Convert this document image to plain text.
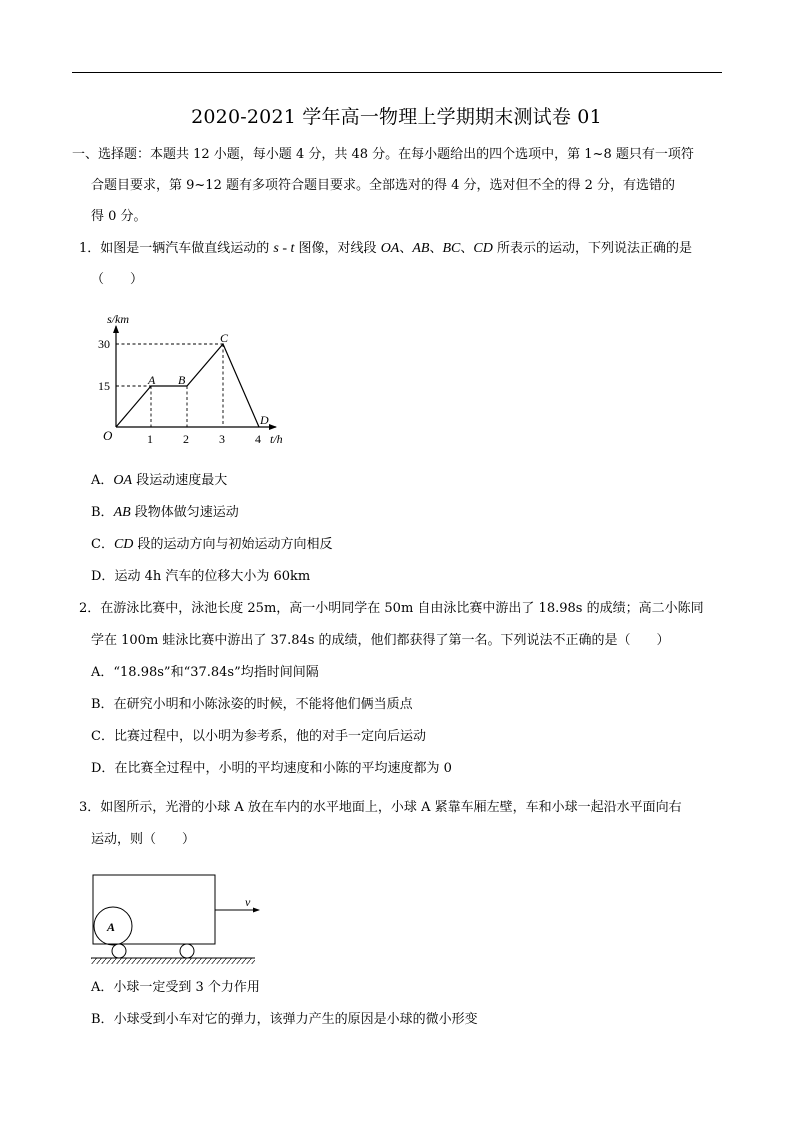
2020-2021 学年高一物理上学期期末测试卷 01
一、选择题：本题共 12 小题，每小题 4 分，共 48 分。在每小题给出的四个选项中，第 1~8 题只有一项符
合题目要求，第 9~12 题有多项符合题目要求。全部选对的得 4 分，选对但不全的得 2 分，有选错的
得 0 分。
1．如图是一辆汽车做直线运动的 s - t 图像，对线段 OA、AB、BC、CD 所表示的运动，下列说法正确的是
（　　）
s/km
30
15
O	1	2	3	4 t/h
A B
C
D
A．OA 段运动速度最大
B．AB 段物体做匀速运动
C．CD 段的运动方向与初始运动方向相反
D．运动 4h 汽车的位移大小为 60km
2．在游泳比赛中，泳池长度 25m，高一小明同学在 50m 自由泳比赛中游出了 18.98s 的成绩；高二小陈同
学在 100m 蛙泳比赛中游出了 37.84s 的成绩，他们都获得了第一名。下列说法不正确的是（　　）
A．“18.98s”和“37.84s”均指时间间隔
B．在研究小明和小陈泳姿的时候，不能将他们俩当质点
C．比赛过程中，以小明为参考系，他的对手一定向后运动
D．在比赛全过程中，小明的平均速度和小陈的平均速度都为 0
3．如图所示，光滑的小球 A 放在车内的水平地面上，小球 A 紧靠车厢左壁，车和小球一起沿水平面向右
运动，则（　　）
A
v
A．小球一定受到 3 个力作用
B．小球受到小车对它的弹力，该弹力产生的原因是小球的微小形变
